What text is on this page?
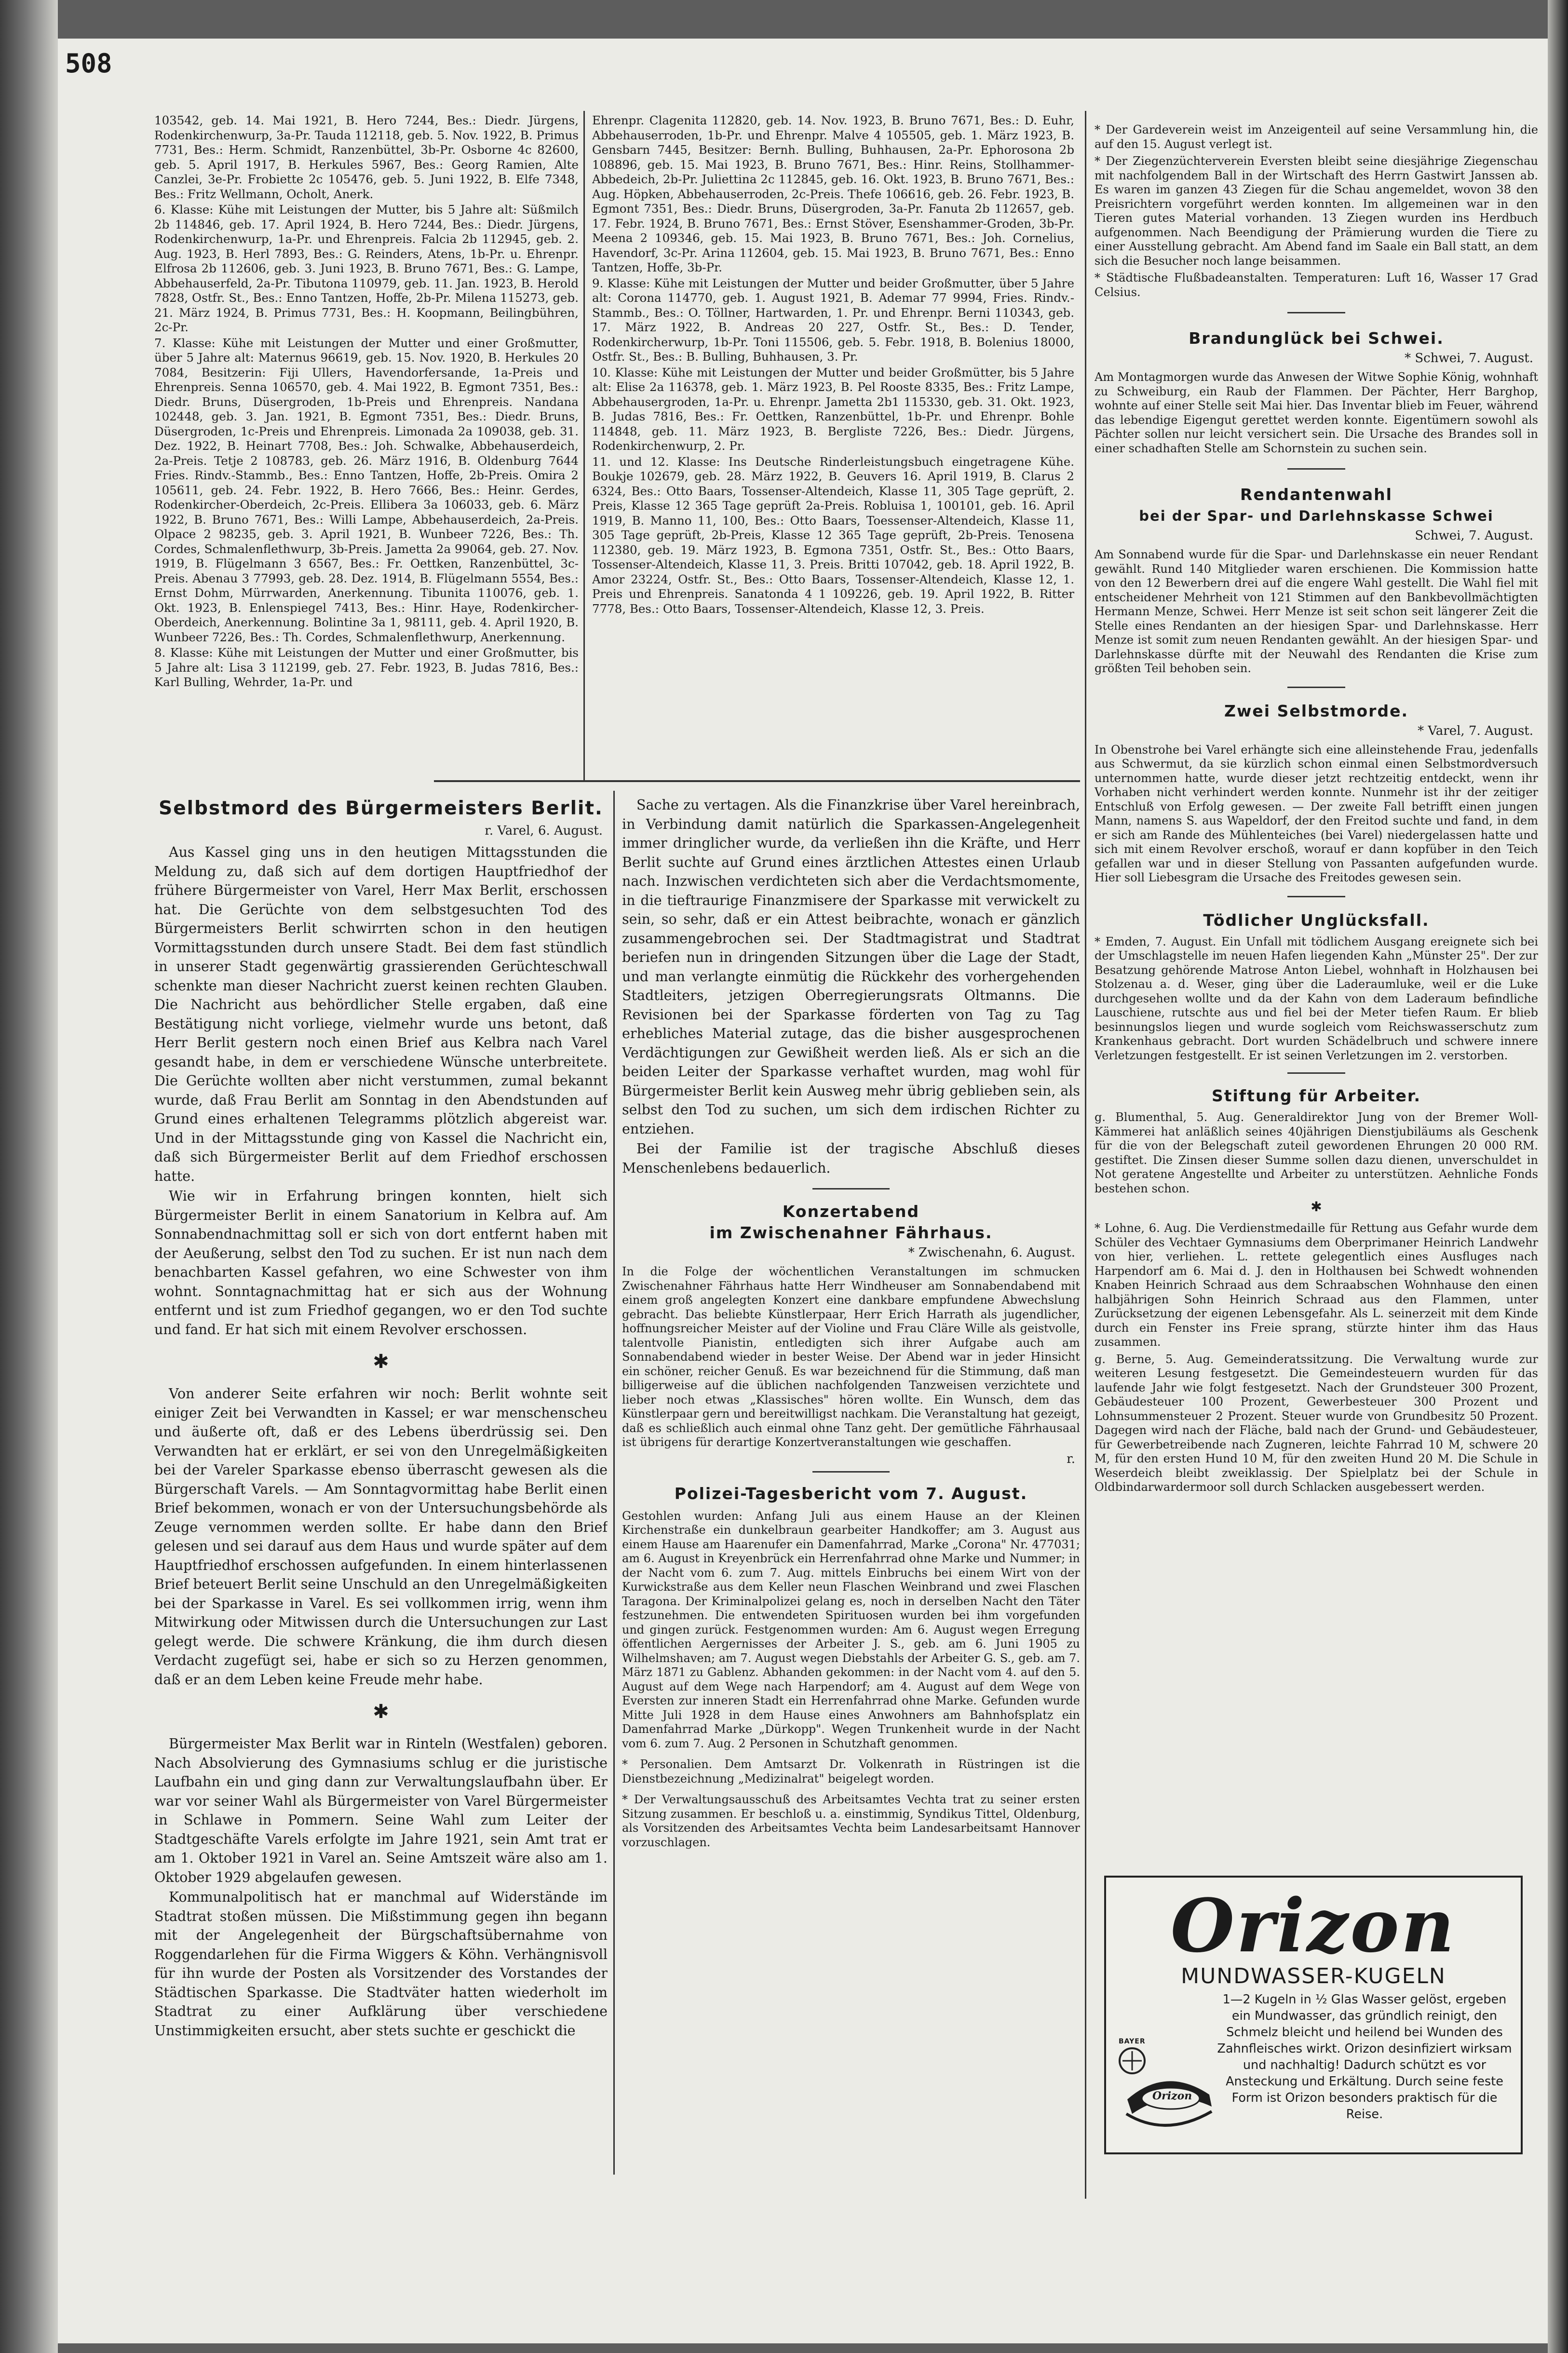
508

103542, geb. 14. Mai 1921, B. Hero 7244, Bes.: Diedr. Jürgens, Rodenkirchenwurp, 3a-Pr. Tauda 112118, geb. 5. Nov. 1922, B. Primus 7731, Bes.: Herm. Schmidt, Ranzenbüttel, 3b-Pr. Osborne 4c 82600, geb. 5. April 1917, B. Herkules 5967, Bes.: Georg Ramien, Alte Canzlei, 3e-Pr. Frobiette 2c 105476, geb. 5. Juni 1922, B. Elfe 7348, Bes.: Fritz Wellmann, Ocholt, Anerk.

6. Klasse: Kühe mit Leistungen der Mutter, bis 5 Jahre alt: Süßmilch 2b 114846, geb. 17. April 1924, B. Hero 7244, Bes.: Diedr. Jürgens, Rodenkirchenwurp, 1a-Pr. und Ehrenpreis. Falcia 2b 112945, geb. 2. Aug. 1923, B. Herl 7893, Bes.: G. Reinders, Atens, 1b-Pr. u. Ehrenpr. Elfrosa 2b 112606, geb. 3. Juni 1923, B. Bruno 7671, Bes.: G. Lampe, Abbehauserfeld, 2a-Pr. Tibutona 110979, geb. 11. Jan. 1923, B. Herold 7828, Ostfr. St., Bes.: Enno Tantzen, Hoffe, 2b-Pr. Milena 115273, geb. 21. März 1924, B. Primus 7731, Bes.: H. Koopmann, Beilingbühren, 2c-Pr.

7. Klasse: Kühe mit Leistungen der Mutter und einer Großmutter, über 5 Jahre alt: Maternus 96619, geb. 15. Nov. 1920, B. Herkules 20 7084, Besitzerin: Fiji Ullers, Havendorfersande, 1a-Preis und Ehrenpreis. Senna 106570, geb. 4. Mai 1922, B. Egmont 7351, Bes.: Diedr. Bruns, Düsergroden, 1b-Preis und Ehrenpreis. Nandana 102448, geb. 3. Jan. 1921, B. Egmont 7351, Bes.: Diedr. Bruns, Düsergroden, 1c-Preis und Ehrenpreis. Limonada 2a 109038, geb. 31. Dez. 1922, B. Heinart 7708, Bes.: Joh. Schwalke, Abbehauserdeich, 2a-Preis. Tetje 2 108783, geb. 26. März 1916, B. Oldenburg 7644 Fries. Rindv.-Stammb., Bes.: Enno Tantzen, Hoffe, 2b-Preis. Omira 2 105611, geb. 24. Febr. 1922, B. Hero 7666, Bes.: Heinr. Gerdes, Rodenkircher-Oberdeich, 2c-Preis. Ellibera 3a 106033, geb. 6. März 1922, B. Bruno 7671, Bes.: Willi Lampe, Abbehauserdeich, 2a-Preis. Olpace 2 98235, geb. 3. April 1921, B. Wunbeer 7226, Bes.: Th. Cordes, Schmalenflethwurp, 3b-Preis. Jametta 2a 99064, geb. 27. Nov. 1919, B. Flügelmann 3 6567, Bes.: Fr. Oettken, Ranzenbüttel, 3c-Preis. Abenau 3 77993, geb. 28. Dez. 1914, B. Flügelmann 5554, Bes.: Ernst Dohm, Mürrwarden, Anerkennung. Tibunita 110076, geb. 1. Okt. 1923, B. Enlenspiegel 7413, Bes.: Hinr. Haye, Rodenkircher-Oberdeich, Anerkennung. Bolintine 3a 1, 98111, geb. 4. April 1920, B. Wunbeer 7226, Bes.: Th. Cordes, Schmalenflethwurp, Anerkennung.

8. Klasse: Kühe mit Leistungen der Mutter und einer Großmutter, bis 5 Jahre alt: Lisa 3 112199, geb. 27. Febr. 1923, B. Judas 7816, Bes.: Karl Bulling, Wehrder, 1a-Pr. und

Ehrenpr. Clagenita 112820, geb. 14. Nov. 1923, B. Bruno 7671, Bes.: D. Euhr, Abbehauserroden, 1b-Pr. und Ehrenpr. Malve 4 105505, geb. 1. März 1923, B. Gensbarn 7445, Besitzer: Bernh. Bulling, Buhhausen, 2a-Pr. Ephorosona 2b 108896, geb. 15. Mai 1923, B. Bruno 7671, Bes.: Hinr. Reins, Stollhammer-Abbedeich, 2b-Pr. Juliettina 2c 112845, geb. 16. Okt. 1923, B. Bruno 7671, Bes.: Aug. Höpken, Abbehauserroden, 2c-Preis. Thefe 106616, geb. 26. Febr. 1923, B. Egmont 7351, Bes.: Diedr. Bruns, Düsergroden, 3a-Pr. Fanuta 2b 112657, geb. 17. Febr. 1924, B. Bruno 7671, Bes.: Ernst Stöver, Esenshammer-Groden, 3b-Pr. Meena 2 109346, geb. 15. Mai 1923, B. Bruno 7671, Bes.: Joh. Cornelius, Havendorf, 3c-Pr. Arina 112604, geb. 15. Mai 1923, B. Bruno 7671, Bes.: Enno Tantzen, Hoffe, 3b-Pr.

9. Klasse: Kühe mit Leistungen der Mutter und beider Großmutter, über 5 Jahre alt: Corona 114770, geb. 1. August 1921, B. Ademar 77 9994, Fries. Rindv.-Stammb., Bes.: O. Töllner, Hartwarden, 1. Pr. und Ehrenpr. Berni 110343, geb. 17. März 1922, B. Andreas 20 227, Ostfr. St., Bes.: D. Tender, Rodenkircherwurp, 1b-Pr. Toni 115506, geb. 5. Febr. 1918, B. Bolenius 18000, Ostfr. St., Bes.: B. Bulling, Buhhausen, 3. Pr.

10. Klasse: Kühe mit Leistungen der Mutter und beider Großmütter, bis 5 Jahre alt: Elise 2a 116378, geb. 1. März 1923, B. Pel Rooste 8335, Bes.: Fritz Lampe, Abbehausergroden, 1a-Pr. u. Ehrenpr. Jametta 2b1 115330, geb. 31. Okt. 1923, B. Judas 7816, Bes.: Fr. Oettken, Ranzenbüttel, 1b-Pr. und Ehrenpr. Bohle 114848, geb. 11. März 1923, B. Bergliste 7226, Bes.: Diedr. Jürgens, Rodenkirchenwurp, 2. Pr.

11. und 12. Klasse: Ins Deutsche Rinderleistungsbuch eingetragene Kühe. Boukje 102679, geb. 28. März 1922, B. Geuvers 16. April 1919, B. Clarus 2 6324, Bes.: Otto Baars, Tossenser-Altendeich, Klasse 11, 305 Tage geprüft, 2. Preis, Klasse 12 365 Tage geprüft 2a-Preis. Robluisa 1, 100101, geb. 16. April 1919, B. Manno 11, 100, Bes.: Otto Baars, Toessenser-Altendeich, Klasse 11, 305 Tage geprüft, 2b-Preis, Klasse 12 365 Tage geprüft, 2b-Preis. Tenosena 112380, geb. 19. März 1923, B. Egmona 7351, Ostfr. St., Bes.: Otto Baars, Tossenser-Altendeich, Klasse 11, 3. Preis. Britti 107042, geb. 18. April 1922, B. Amor 23224, Ostfr. St., Bes.: Otto Baars, Tossenser-Altendeich, Klasse 12, 1. Preis und Ehrenpreis. Sanatonda 4 1 109226, geb. 19. April 1922, B. Ritter 7778, Bes.: Otto Baars, Tossenser-Altendeich, Klasse 12, 3. Preis.

Selbstmord des Bürgermeisters Berlit.
r. Varel, 6. August.

Aus Kassel ging uns in den heutigen Mittagsstunden die Meldung zu, daß sich auf dem dortigen Hauptfriedhof der frühere Bürgermeister von Varel, Herr Max Berlit, erschossen hat. Die Gerüchte von dem selbstgesuchten Tod des Bürgermeisters Berlit schwirrten schon in den heutigen Vormittagsstunden durch unsere Stadt. Bei dem fast stündlich in unserer Stadt gegenwärtig grassierenden Gerüchteschwall schenkte man dieser Nachricht zuerst keinen rechten Glauben. Die Nachricht aus behördlicher Stelle ergaben, daß eine Bestätigung nicht vorliege, vielmehr wurde uns betont, daß Herr Berlit gestern noch einen Brief aus Kelbra nach Varel gesandt habe, in dem er verschiedene Wünsche unterbreitete. Die Gerüchte wollten aber nicht verstummen, zumal bekannt wurde, daß Frau Berlit am Sonntag in den Abendstunden auf Grund eines erhaltenen Telegramms plötzlich abgereist war. Und in der Mittagsstunde ging von Kassel die Nachricht ein, daß sich Bürgermeister Berlit auf dem Friedhof erschossen hatte.

Wie wir in Erfahrung bringen konnten, hielt sich Bürgermeister Berlit in einem Sanatorium in Kelbra auf. Am Sonnabendnachmittag soll er sich von dort entfernt haben mit der Aeußerung, selbst den Tod zu suchen. Er ist nun nach dem benachbarten Kassel gefahren, wo eine Schwester von ihm wohnt. Sonntagnachmittag hat er sich aus der Wohnung entfernt und ist zum Friedhof gegangen, wo er den Tod suchte und fand. Er hat sich mit einem Revolver erschossen.

✱

Von anderer Seite erfahren wir noch: Berlit wohnte seit einiger Zeit bei Verwandten in Kassel; er war menschenscheu und äußerte oft, daß er des Lebens überdrüssig sei. Den Verwandten hat er erklärt, er sei von den Unregelmäßigkeiten bei der Vareler Sparkasse ebenso überrascht gewesen als die Bürgerschaft Varels. — Am Sonntagvormittag habe Berlit einen Brief bekommen, wonach er von der Untersuchungsbehörde als Zeuge vernommen werden sollte. Er habe dann den Brief gelesen und sei darauf aus dem Haus und wurde später auf dem Hauptfriedhof erschossen aufgefunden. In einem hinterlassenen Brief beteuert Berlit seine Unschuld an den Unregelmäßigkeiten bei der Sparkasse in Varel. Es sei vollkommen irrig, wenn ihm Mitwirkung oder Mitwissen durch die Untersuchungen zur Last gelegt werde. Die schwere Kränkung, die ihm durch diesen Verdacht zugefügt sei, habe er sich so zu Herzen genommen, daß er an dem Leben keine Freude mehr habe.

✱

Bürgermeister Max Berlit war in Rinteln (Westfalen) geboren. Nach Absolvierung des Gymnasiums schlug er die juristische Laufbahn ein und ging dann zur Verwaltungslaufbahn über. Er war vor seiner Wahl als Bürgermeister von Varel Bürgermeister in Schlawe in Pommern. Seine Wahl zum Leiter der Stadtgeschäfte Varels erfolgte im Jahre 1921, sein Amt trat er am 1. Oktober 1921 in Varel an. Seine Amtszeit wäre also am 1. Oktober 1929 abgelaufen gewesen.

Kommunalpolitisch hat er manchmal auf Widerstände im Stadtrat stoßen müssen. Die Mißstimmung gegen ihn begann mit der Angelegenheit der Bürgschaftsübernahme von Roggendarlehen für die Firma Wiggers & Köhn. Verhängnisvoll für ihn wurde der Posten als Vorsitzender des Vorstandes der Städtischen Sparkasse. Die Stadtväter hatten wiederholt im Stadtrat zu einer Aufklärung über verschiedene Unstimmigkeiten ersucht, aber stets suchte er geschickt die

Sache zu vertagen. Als die Finanzkrise über Varel hereinbrach, in Verbindung damit natürlich die Sparkassen-Angelegenheit immer dringlicher wurde, da verließen ihn die Kräfte, und Herr Berlit suchte auf Grund eines ärztlichen Attestes einen Urlaub nach. Inzwischen verdichteten sich aber die Verdachtsmomente, in die tieftraurige Finanzmisere der Sparkasse mit verwickelt zu sein, so sehr, daß er ein Attest beibrachte, wonach er gänzlich zusammengebrochen sei. Der Stadtmagistrat und Stadtrat beriefen nun in dringenden Sitzungen über die Lage der Stadt, und man verlangte einmütig die Rückkehr des vorhergehenden Stadtleiters, jetzigen Oberregierungsrats Oltmanns. Die Revisionen bei der Sparkasse förderten von Tag zu Tag erhebliches Material zutage, das die bisher ausgesprochenen Verdächtigungen zur Gewißheit werden ließ. Als er sich an die beiden Leiter der Sparkasse verhaftet wurden, mag wohl für Bürgermeister Berlit kein Ausweg mehr übrig geblieben sein, als selbst den Tod zu suchen, um sich dem irdischen Richter zu entziehen.

Bei der Familie ist der tragische Abschluß dieses Menschenlebens bedauerlich.

Konzertabend
im Zwischenahner Fährhaus.
* Zwischenahn, 6. August.

In die Folge der wöchentlichen Veranstaltungen im schmucken Zwischenahner Fährhaus hatte Herr Windheuser am Sonnabendabend mit einem groß angelegten Konzert eine dankbare empfundene Abwechslung gebracht. Das beliebte Künstlerpaar, Herr Erich Harrath als jugendlicher, hoffnungsreicher Meister auf der Violine und Frau Cläre Wille als geistvolle, talentvolle Pianistin, entledigten sich ihrer Aufgabe auch am Sonnabendabend wieder in bester Weise. Der Abend war in jeder Hinsicht ein schöner, reicher Genuß. Es war bezeichnend für die Stimmung, daß man billigerweise auf die üblichen nachfolgenden Tanzweisen verzichtete und lieber noch etwas „Klassisches" hören wollte. Ein Wunsch, dem das Künstlerpaar gern und bereitwilligst nachkam. Die Veranstaltung hat gezeigt, daß es schließlich auch einmal ohne Tanz geht. Der gemütliche Fährhausaal ist übrigens für derartige Konzertveranstaltungen wie geschaffen.

r.
Polizei-Tagesbericht vom 7. August.

Gestohlen wurden: Anfang Juli aus einem Hause an der Kleinen Kirchenstraße ein dunkelbraun gearbeiter Handkoffer; am 3. August aus einem Hause am Haarenufer ein Damenfahrrad, Marke „Corona" Nr. 477031; am 6. August in Kreyenbrück ein Herrenfahrrad ohne Marke und Nummer; in der Nacht vom 6. zum 7. Aug. mittels Einbruchs bei einem Wirt von der Kurwickstraße aus dem Keller neun Flaschen Weinbrand und zwei Flaschen Taragona. Der Kriminalpolizei gelang es, noch in derselben Nacht den Täter festzunehmen. Die entwendeten Spirituosen wurden bei ihm vorgefunden und gingen zurück. Festgenommen wurden: Am 6. August wegen Erregung öffentlichen Aergernisses der Arbeiter J. S., geb. am 6. Juni 1905 zu Wilhelmshaven; am 7. August wegen Diebstahls der Arbeiter G. S., geb. am 7. März 1871 zu Gablenz. Abhanden gekommen: in der Nacht vom 4. auf den 5. August auf dem Wege nach Harpendorf; am 4. August auf dem Wege von Eversten zur inneren Stadt ein Herrenfahrrad ohne Marke. Gefunden wurde Mitte Juli 1928 in dem Hause eines Anwohners am Bahnhofsplatz ein Damenfahrrad Marke „Dürkopp". Wegen Trunkenheit wurde in der Nacht vom 6. zum 7. Aug. 2 Personen in Schutzhaft genommen.

* Personalien. Dem Amtsarzt Dr. Volkenrath in Rüstringen ist die Dienstbezeichnung „Medizinalrat" beigelegt worden.

* Der Verwaltungsausschuß des Arbeitsamtes Vechta trat zu seiner ersten Sitzung zusammen. Er beschloß u. a. einstimmig, Syndikus Tittel, Oldenburg, als Vorsitzenden des Arbeitsamtes Vechta beim Landesarbeitsamt Hannover vorzuschlagen.

* Der Gardeverein weist im Anzeigenteil auf seine Versammlung hin, die auf den 15. August verlegt ist.

* Der Ziegenzüchterverein Eversten bleibt seine diesjährige Ziegenschau mit nachfolgendem Ball in der Wirtschaft des Herrn Gastwirt Janssen ab. Es waren im ganzen 43 Ziegen für die Schau angemeldet, wovon 38 den Preisrichtern vorgeführt werden konnten. Im allgemeinen war in den Tieren gutes Material vorhanden. 13 Ziegen wurden ins Herdbuch aufgenommen. Nach Beendigung der Prämierung wurden die Tiere zu einer Ausstellung gebracht. Am Abend fand im Saale ein Ball statt, an dem sich die Besucher noch lange beisammen.

* Städtische Flußbadeanstalten. Temperaturen: Luft 16, Wasser 17 Grad Celsius.

Brandunglück bei Schwei.
* Schwei, 7. August.

Am Montagmorgen wurde das Anwesen der Witwe Sophie König, wohnhaft zu Schweiburg, ein Raub der Flammen. Der Pächter, Herr Barghop, wohnte auf einer Stelle seit Mai hier. Das Inventar blieb im Feuer, während das lebendige Eigengut gerettet werden konnte. Eigentümern sowohl als Pächter sollen nur leicht versichert sein. Die Ursache des Brandes soll in einer schadhaften Stelle am Schornstein zu suchen sein.

Rendantenwahl
bei der Spar- und Darlehnskasse Schwei
Schwei, 7. August.

Am Sonnabend wurde für die Spar- und Darlehnskasse ein neuer Rendant gewählt. Rund 140 Mitglieder waren erschienen. Die Kommission hatte von den 12 Bewerbern drei auf die engere Wahl gestellt. Die Wahl fiel mit entscheidener Mehrheit von 121 Stimmen auf den Bankbevollmächtigten Hermann Menze, Schwei. Herr Menze ist seit schon seit längerer Zeit die Stelle eines Rendanten an der hiesigen Spar- und Darlehnskasse. Herr Menze ist somit zum neuen Rendanten gewählt. An der hiesigen Spar- und Darlehnskasse dürfte mit der Neuwahl des Rendanten die Krise zum größten Teil behoben sein.

Zwei Selbstmorde.
* Varel, 7. August.

In Obenstrohe bei Varel erhängte sich eine alleinstehende Frau, jedenfalls aus Schwermut, da sie kürzlich schon einmal einen Selbstmordversuch unternommen hatte, wurde dieser jetzt rechtzeitig entdeckt, wenn ihr Vorhaben nicht verhindert werden konnte. Nunmehr ist ihr der zeitiger Entschluß von Erfolg gewesen. — Der zweite Fall betrifft einen jungen Mann, namens S. aus Wapeldorf, der den Freitod suchte und fand, in dem er sich am Rande des Mühlenteiches (bei Varel) niedergelassen hatte und sich mit einem Revolver erschoß, worauf er dann kopfüber in den Teich gefallen war und in dieser Stellung von Passanten aufgefunden wurde. Hier soll Liebesgram die Ursache des Freitodes gewesen sein.

Tödlicher Unglücksfall.

* Emden, 7. August. Ein Unfall mit tödlichem Ausgang ereignete sich bei der Umschlagstelle im neuen Hafen liegenden Kahn „Münster 25". Der zur Besatzung gehörende Matrose Anton Liebel, wohnhaft in Holzhausen bei Stolzenau a. d. Weser, ging über die Laderaumluke, weil er die Luke durchgesehen wollte und da der Kahn von dem Laderaum befindliche Lauschiene, rutschte aus und fiel bei der Meter tiefen Raum. Er blieb besinnungslos liegen und wurde sogleich vom Reichswasserschutz zum Krankenhaus gebracht. Dort wurden Schädelbruch und schwere innere Verletzungen festgestellt. Er ist seinen Verletzungen im 2. verstorben.

Stiftung für Arbeiter.

g. Blumenthal, 5. Aug. Generaldirektor Jung von der Bremer Woll-Kämmerei hat anläßlich seines 40jährigen Dienstjubiläums als Geschenk für die von der Belegschaft zuteil gewordenen Ehrungen 20 000 RM. gestiftet. Die Zinsen dieser Summe sollen dazu dienen, unverschuldet in Not geratene Angestellte und Arbeiter zu unterstützen. Aehnliche Fonds bestehen schon.

✱

* Lohne, 6. Aug. Die Verdienstmedaille für Rettung aus Gefahr wurde dem Schüler des Vechtaer Gymnasiums dem Oberprimaner Heinrich Landwehr von hier, verliehen. L. rettete gelegentlich eines Ausfluges nach Harpendorf am 6. Mai d. J. den in Holthausen bei Schwedt wohnenden Knaben Heinrich Schraad aus dem Schraabschen Wohnhause den einen halbjährigen Sohn Heinrich Schraad aus den Flammen, unter Zurücksetzung der eigenen Lebensgefahr. Als L. seinerzeit mit dem Kinde durch ein Fenster ins Freie sprang, stürzte hinter ihm das Haus zusammen.

g. Berne, 5. Aug. Gemeinderatssitzung. Die Verwaltung wurde zur weiteren Lesung festgesetzt. Die Gemeindesteuern wurden für das laufende Jahr wie folgt festgesetzt. Nach der Grundsteuer 300 Prozent, Gebäudesteuer 100 Prozent, Gewerbesteuer 300 Prozent und Lohnsummensteuer 2 Prozent. Steuer wurde von Grundbesitz 50 Prozent. Dagegen wird nach der Fläche, bald nach der Grund- und Gebäudesteuer, für Gewerbetreibende nach Zugneren, leichte Fahrrad 10 M, schwere 20 M, für den ersten Hund 10 M, für den zweiten Hund 20 M. Die Schule in Weserdeich bleibt zweiklassig. Der Spielplatz bei der Schule in Oldbindarwardermoor soll durch Schlacken ausgebessert werden.

Orizon
MUNDWASSER-KUGELN
1—2 Kugeln in ½ Glas Wasser gelöst, ergeben ein Mundwasser, das gründlich reinigt, den Schmelz bleicht und heilend bei Wunden des Zahnfleisches wirkt. Orizon desinfiziert wirksam und nachhaltig! Dadurch schützt es vor Ansteckung und Erkältung. Durch seine feste Form ist Orizon besonders praktisch für die Reise.
BAYER
Orizon
